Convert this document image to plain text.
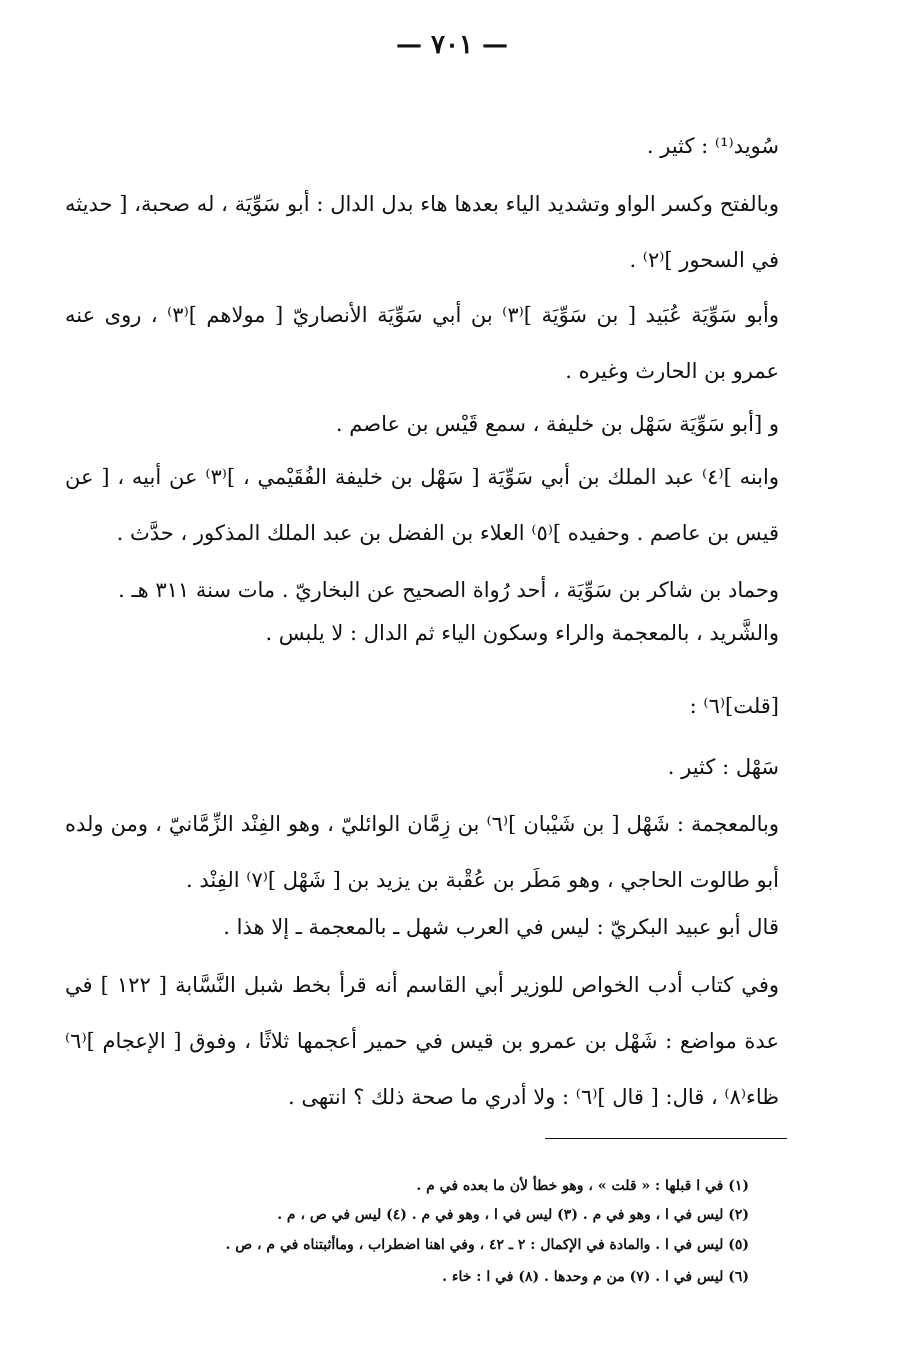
— ٧٠١ —
سُويد⁽¹⁾ : كثير .
وبالفتح وكسر الواو وتشديد الياء بعدها هاء بدل الدال : أبو سَوِّيَة ، له صحبة، [ حديثه في السحور ]⁽٢⁾ .
وأبو سَوِّيَة عُبَيد [ بن سَوِّيَة ]⁽٣⁾ بن أبي سَوِّيَة الأنصاريّ [ مولاهم ]⁽٣⁾ ، روى عنه عمرو بن الحارث وغيره .
و [أبو سَوِّيَة سَهْل بن خليفة ، سمع قَيْس بن عاصم .
وابنه ]⁽٤⁾ عبد الملك بن أبي سَوِّيَة [ سَهْل بن خليفة الفُقَيْمي ، ]⁽٣⁾ عن أبيه ، [ عن قيس بن عاصم . وحفيده ]⁽٥⁾ العلاء بن الفضل بن عبد الملك المذكور ، حدَّث .
وحماد بن شاكر بن سَوِّيَة ، أحد رُواة الصحيح عن البخاريّ . مات سنة ٣١١ هـ .
والشَّريد ، بالمعجمة والراء وسكون الياء ثم الدال : لا يلبس .
[قلت]⁽٦⁾ :
سَهْل : كثير .
وبالمعجمة : شَهْل [ بن شَيْبان ]⁽٦⁾ بن زِمَّان الوائليّ ، وهو الفِنْد الزِّمَّانيّ ، ومن ولده أبو طالوت الحاجي ، وهو مَطَر بن عُقْبة بن يزيد بن [ شَهْل ]⁽٧⁾ الفِنْد .
قال أبو عبيد البكريّ : ليس في العرب شهل ـ بالمعجمة ـ إلا هذا .
وفي كتاب أدب الخواص للوزير أبي القاسم أنه قرأ بخط شبل النَّسَّابة [ ١٢٢ ] في عدة مواضع : شَهْل بن عمرو بن قيس في حمير أعجمها ثلاثًا ، وفوق [ الإعجام ]⁽٦⁾ ظاء⁽٨⁾ ، قال: [ قال ]⁽٦⁾ : ولا أدري ما صحة ذلك ؟ انتهى .
(١) في ا قبلها : « قلت » ، وهو خطأ لأن ما بعده في م .
(٢) ليس في ا ، وهو في م . (٣) ليس في ا ، وهو في م . (٤) ليس في ص ، م .
(٥) ليس في ا . والمادة في الإكمال : ٢ ـ ٤٢ ، وفي اهنا اضطراب ، وماأثبتناه في م ، ص .
(٦) ليس في ا . (٧) من م وحدها . (٨) في ا : خاء .
